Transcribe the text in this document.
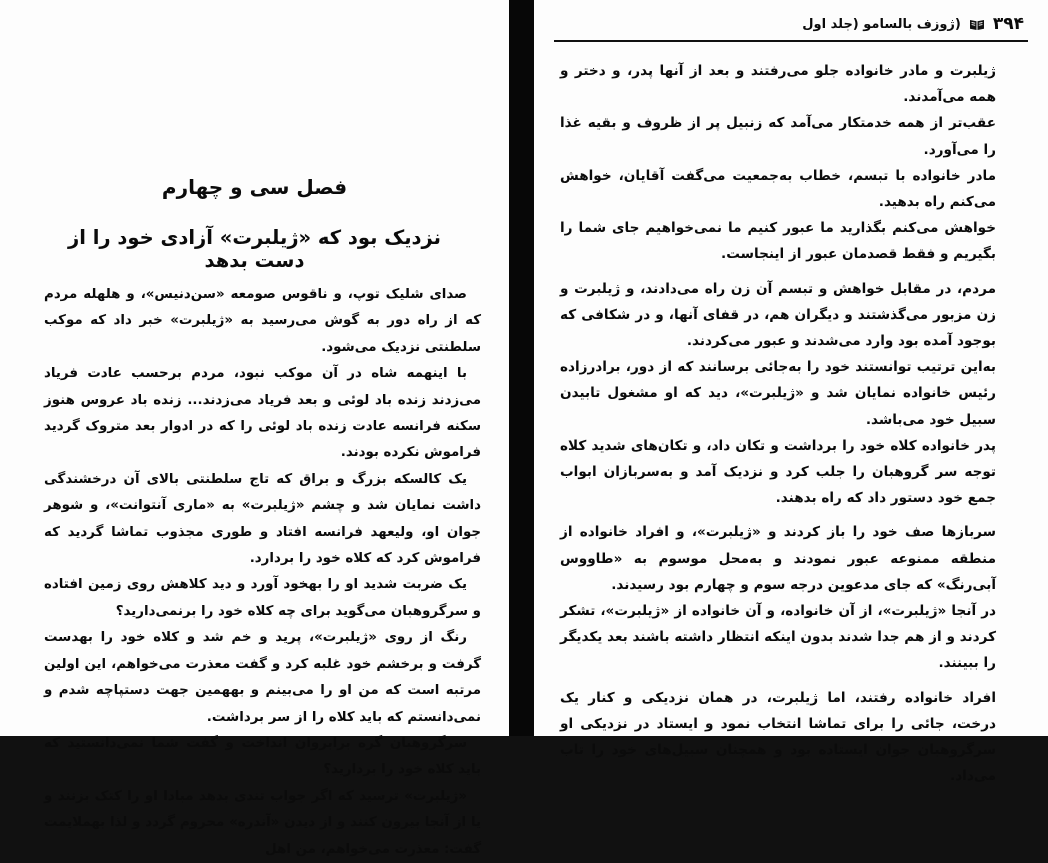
فصل سی و چهارم
نزدیک بود که «ژیلبرت» آزادی خود را از دست بدهد

صدای شلیک توپ، و ناقوس صومعه «سن‌دنیس»، و هلهله مردم که از راه دور به گوش می‌رسید به «ژیلبرت» خبر داد که موکب سلطنتی نزدیک می‌شود.

با اینهمه شاه در آن موکب نبود، مردم برحسب عادت فریاد می‌زدند زنده باد لوئی و بعد فریاد می‌زدند... زنده باد عروس هنوز سکنه فرانسه عادت زنده باد لوئی را که در ادوار بعد متروک گردید فراموش نکرده بودند.

یک کالسکه بزرگ و براق که تاج سلطنتی بالای آن درخشندگی داشت نمایان شد و چشم «ژیلبرت» به «ماری آنتوانت»، و شوهر جوان او، ولیعهد فرانسه افتاد و طوری مجذوب تماشا گردید که فراموش کرد که کلاه خود را بردارد.

یک ضربت شدید او را بهخود آورد و دید کلاهش روی زمین افتاده و سرگروهبان می‌گوید برای چه کلاه خود را برنمی‌دارید؟

رنگ از روی «ژیلبرت»، پرید و خم شد و کلاه خود را بهدست گرفت و برخشم خود غلبه کرد و گفت معذرت می‌خواهم، این اولین مرتبه است که من او را می‌بینم و بههمین جهت دستپاچه شدم و نمی‌دانستم که باید کلاه را از سر برداشت.

سرگروهبان گره برابروان انداخت و گفت شما نمی‌دانستید که باید کلاه خود را بردارید؟

«ژیلبرت» ترسید که اگر جواب تندی بدهد مبادا او را کتک بزنند و یا از آنجا بیرون کنند و از دیدن «آندره» محروم گردد و لذا بهملایمت گفت: معذرت می‌خواهم، من اهل

۳۹۴
(ژوزف بالسامو (جلد اول

ژیلبرت و مادر خانواده جلو می‌رفتند و بعد از آنها پدر، و دختر و همه می‌آمدند.

عقب‌تر از همه خدمتکار می‌آمد که زنبیل پر از ظروف و بقیه غذا را می‌آورد.

مادر خانواده با تبسم، خطاب به‌جمعیت می‌گفت آقایان، خواهش می‌کنم راه بدهید.

خواهش می‌کنم بگذارید ما عبور کنیم ما نمی‌خواهیم جای شما را بگیریم و فقط قصدمان عبور از اینجاست.

مردم، در مقابل خواهش و تبسم آن زن راه می‌دادند، و ژیلبرت و زن مزبور می‌گذشتند و دیگران هم، در قفای آنها، و در شکافی که بوجود آمده بود وارد می‌شدند و عبور می‌کردند.

به‌این ترتیب توانستند خود را به‌جائی برسانند که از دور، برادرزاده رئیس خانواده نمایان شد و «ژیلبرت»، دید که او مشغول تابیدن سبیل خود می‌باشد.

پدر خانواده کلاه خود را برداشت و تکان داد، و تکان‌های شدید کلاه توجه سر گروهبان را جلب کرد و نزدیک آمد و به‌سربازان ابواب جمع خود دستور داد که راه بدهند.

سربازها صف خود را باز کردند و «ژیلبرت»، و افراد خانواده از منطقه ممنوعه عبور نمودند و به‌محل موسوم به «طاووس آبی‌رنگ» که جای مدعوین درجه سوم و چهارم بود رسیدند.

در آنجا «ژیلبرت»، از آن خانواده، و آن خانواده از «ژیلبرت»، تشکر کردند و از هم جدا شدند بدون اینکه انتظار داشته باشند بعد یکدیگر را ببینند.

افراد خانواده رفتند، اما ژیلبرت، در همان نزدیکی و کنار یک درخت، جائی را برای تماشا انتخاب نمود و ایستاد در نزدیکی او سرگروهبان جوان ایستاده بود و همچنان سبیل‌های خود را تاب می‌داد.
